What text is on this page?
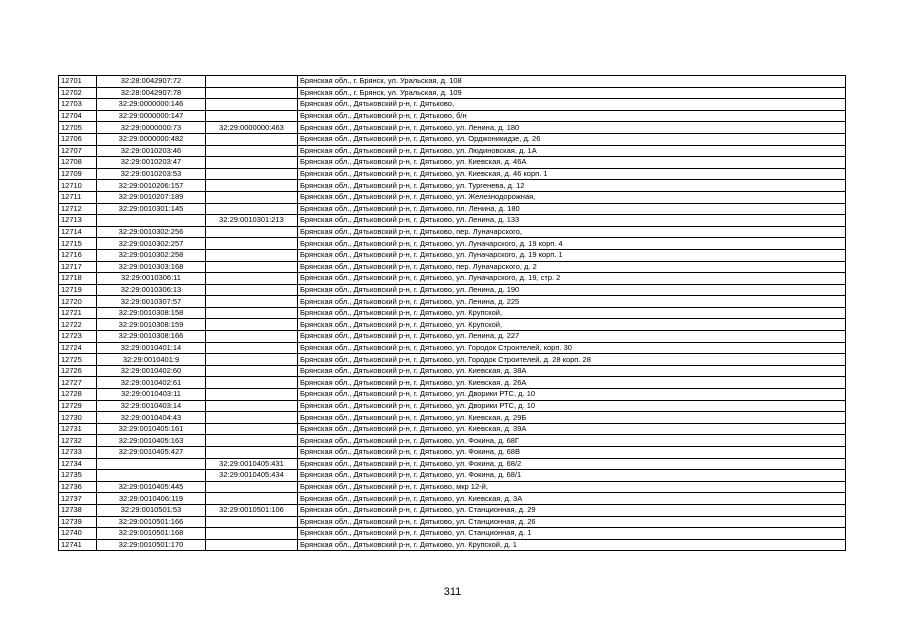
12701	32:28:0042907:72		Брянская обл., г. Брянск, ул. Уральская, д. 108
12702	32:28:0042907:78		Брянская обл., г. Брянск, ул. Уральская, д. 109
12703	32:29:0000000:146		Брянская обл., Дятьковский р-н, г. Дятьково,
12704	32:29:0000000:147		Брянская обл., Дятьковский р-н, г. Дятьково, б/н
12705	32:29:0000000:73	32:29:0000000:463	Брянская обл., Дятьковский р-н, г. Дятьково, ул. Ленина, д. 180
12706	32:29:0000000:482		Брянская обл., Дятьковский р-н, г. Дятьково, ул. Орджоникидзе, д. 26
12707	32:29:0010203:46		Брянская обл., Дятьковский р-н, г. Дятьково, ул. Людиновская, д. 1А
12708	32:29:0010203:47		Брянская обл., Дятьковский р-н, г. Дятьково, ул. Киевская, д. 46А
12709	32:29:0010203:53		Брянская обл., Дятьковский р-н, г. Дятьково, ул. Киевская, д. 46 корп. 1
12710	32:29:0010206:157		Брянская обл., Дятьковский р-н, г. Дятьково, ул. Тургенева, д. 12
12711	32:29:0010207:189		Брянская обл., Дятьковский р-н, г. Дятьково, ул. Железнодорожная,
12712	32:29:0010301:145		Брянская обл., Дятьковский р-н, г. Дятьково, пл. Ленина, д. 180
12713		32:29:0010301:213	Брянская обл., Дятьковский р-н, г. Дятьково, ул. Ленина, д. 133
12714	32:29:0010302:256		Брянская обл., Дятьковский р-н, г. Дятьково, пер. Луначарского,
12715	32:29:0010302:257		Брянская обл., Дятьковский р-н, г. Дятьково, ул. Луначарского, д. 19 корп. 4
12716	32:29:0010302:258		Брянская обл., Дятьковский р-н, г. Дятьково, ул. Луначарского, д. 19 корп. 1
12717	32:29:0010303:168		Брянская обл., Дятьковский р-н, г. Дятьково, пер. Луначарского, д. 2
12718	32:29:0010306:11		Брянская обл., Дятьковский р-н, г. Дятьково, ул. Луначарского, д. 19, стр. 2
12719	32:29:0010306:13		Брянская обл., Дятьковский р-н, г. Дятьково, ул. Ленина, д. 190
12720	32:29:0010307:57		Брянская обл., Дятьковский р-н, г. Дятьково, ул. Ленина, д. 225
12721	32:29:0010308:158		Брянская обл., Дятьковский р-н, г. Дятьково, ул. Крупской,
12722	32:29:0010308:159		Брянская обл., Дятьковский р-н, г. Дятьково, ул. Крупской,
12723	32:29:0010308:166		Брянская обл., Дятьковский р-н, г. Дятьково, ул. Ленина, д. 227
12724	32:29:0010401:14		Брянская обл., Дятьковский р-н, г. Дятьково, ул. Городок Строителей, корп. 30
12725	32:29:0010401:9		Брянская обл., Дятьковский р-н, г. Дятьково, ул. Городок Строителей, д. 28 корп. 28
12726	32:29:0010402:60		Брянская обл., Дятьковский р-н, г. Дятьково, ул. Киевская, д. 38А
12727	32:29:0010402:61		Брянская обл., Дятьковский р-н, г. Дятьково, ул. Киевская, д. 26А
12728	32:29:0010403:11		Брянская обл., Дятьковский р-н, г. Дятьково, ул. Дворики РТС, д. 10
12729	32:29:0010403:14		Брянская обл., Дятьковский р-н, г. Дятьково, ул. Дворики РТС, д. 10
12730	32:29:0010404:43		Брянская обл., Дятьковский р-н, г. Дятьково, ул. Киевская, д. 29Б
12731	32:29:0010405:161		Брянская обл., Дятьковский р-н, г. Дятьково, ул. Киевская, д. 39А
12732	32:29:0010405:163		Брянская обл., Дятьковский р-н, г. Дятьково, ул. Фокина, д. 68Г
12733	32:29:0010405:427		Брянская обл., Дятьковский р-н, г. Дятьково, ул. Фокина, д. 68В
12734		32:29:0010405:431	Брянская обл., Дятьковский р-н, г. Дятьково, ул. Фокина, д. 68/2
12735		32:29:0010405:434	Брянская обл., Дятьковский р-н, г. Дятьково, ул. Фокина, д. 68/1
12736	32:29:0010405:445		Брянская обл., Дятьковский р-н, г. Дятьково, мкр 12-й,
12737	32:29:0010406:119		Брянская обл., Дятьковский р-н, г. Дятьково, ул. Киевская, д. 3А
12738	32:29:0010501:53	32:29:0010501:106	Брянская обл., Дятьковский р-н, г. Дятьково, ул. Станционная, д. 29
12739	32:29:0010501:166		Брянская обл., Дятьковский р-н, г. Дятьково, ул. Станционная, д. 26
12740	32:29:0010501:168		Брянская обл., Дятьковский р-н, г. Дятьково, ул. Станционная, д. 1
12741	32:29:0010501:170		Брянская обл., Дятьковский р-н, г. Дятьково, ул. Крупской, д. 1
311
